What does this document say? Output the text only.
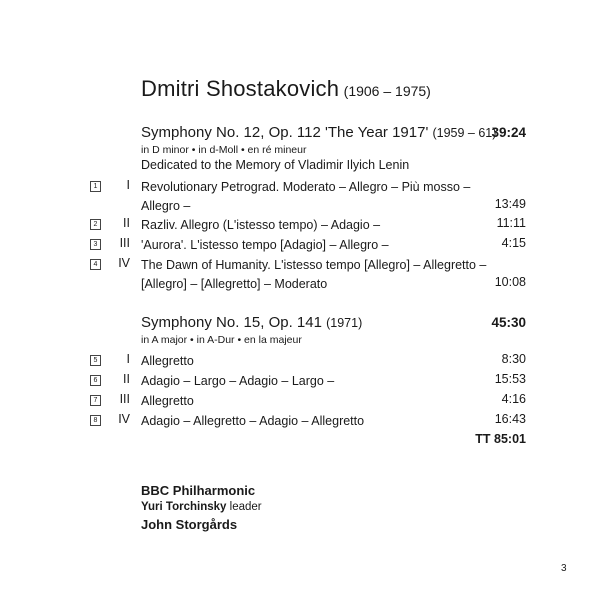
Dmitri Shostakovich (1906 – 1975)
Symphony No. 12, Op. 112 'The Year 1917' (1959 – 61)
39:24
in D minor • in d-Moll • en ré mineur
Dedicated to the Memory of Vladimir Ilyich Lenin
1 I Revolutionary Petrograd. Moderato – Allegro – Più mosso –
Allegro –	13:49
2 II Razliv. Allegro (L'istesso tempo) – Adagio –	11:11
3 III 'Aurora'. L'istesso tempo [Adagio] – Allegro –	4:15
4 IV The Dawn of Humanity. L'istesso tempo [Allegro] – Allegretto –
[Allegro] – [Allegretto] – Moderato	10:08
Symphony No. 15, Op. 141 (1971)	45:30
in A major • in A-Dur • en la majeur
5 I Allegretto	8:30
6 II Adagio – Largo – Adagio – Largo –	15:53
7 III Allegretto	4:16
8 IV Adagio – Allegretto – Adagio – Allegretto	16:43
TT 85:01
BBC Philharmonic
Yuri Torchinsky leader
John Storgårds
3
